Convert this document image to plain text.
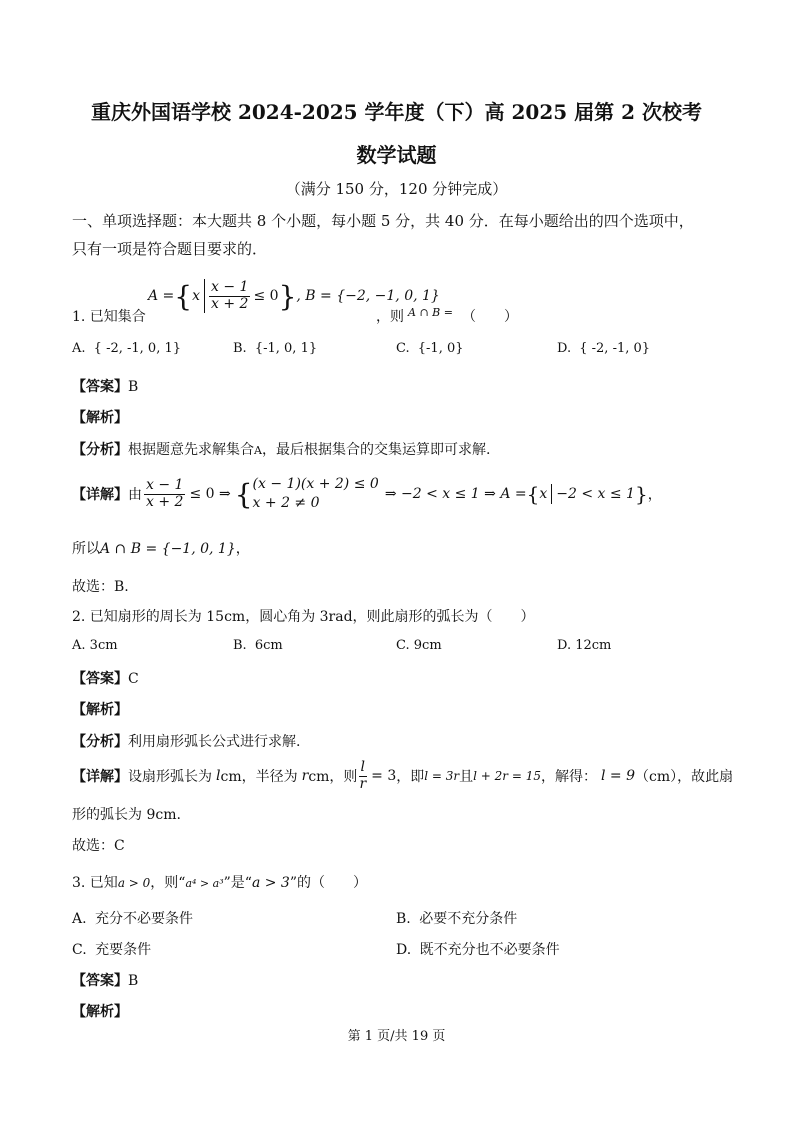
重庆外国语学校 2024-2025 学年度（下）高 2025 届第 2 次校考
数学试题
（满分 150 分，120 分钟完成）
一、单项选择题：本大题共 8 个小题，每小题 5 分，共 40 分．在每小题给出的四个选项中，
只有一项是符合题目要求的．
A = { x $\frac{x - 1}{x + 2} \le 0$ } , B = {−2, −1, 0, 1}
1. 已知集合	，则 A ∩ B = （　　）
A. { -2, -1, 0, 1}	B. {-1, 0, 1}	C. {-1, 0}	D. { -2, -1, 0}
【答案】B
【解析】
【分析】根据题意先求解集合A，最后根据集合的交集运算即可求解.
【详解】 由 $\frac{x - 1}{x + 2} \le 0$ ⇒ { (x − 1)(x + 2) ≤ 0
x + 2 ≠ 0
⇒ −2 < x ≤ 1 ⇒ A = { x −2 < x ≤ 1 } ，
所以A ∩ B = {−1, 0, 1}，
故选：B.
2. 已知扇形的周长为 15cm，圆心角为 3rad，则此扇形的弧长为（　　）
A. 3cm	B. 6cm	C. 9cm	D. 12cm
【答案】C
【解析】
【分析】利用扇形弧长公式进行求解.
【详解】 设扇形弧长为 l cm，半径为 r cm，则 $\frac{l}{r} = 3$ ，即 l = 3r 且 l + 2r = 15 ，解得： l = 9 （cm），故此扇
形的弧长为 9cm.
故选：C
3. 已知a > 0，则“a⁴ > a³”是“a > 3”的（　　）
A. 充分不必要条件	B. 必要不充分条件
C. 充要条件	D. 既不充分也不必要条件
【答案】B
【解析】
第 1 页/共 19 页
